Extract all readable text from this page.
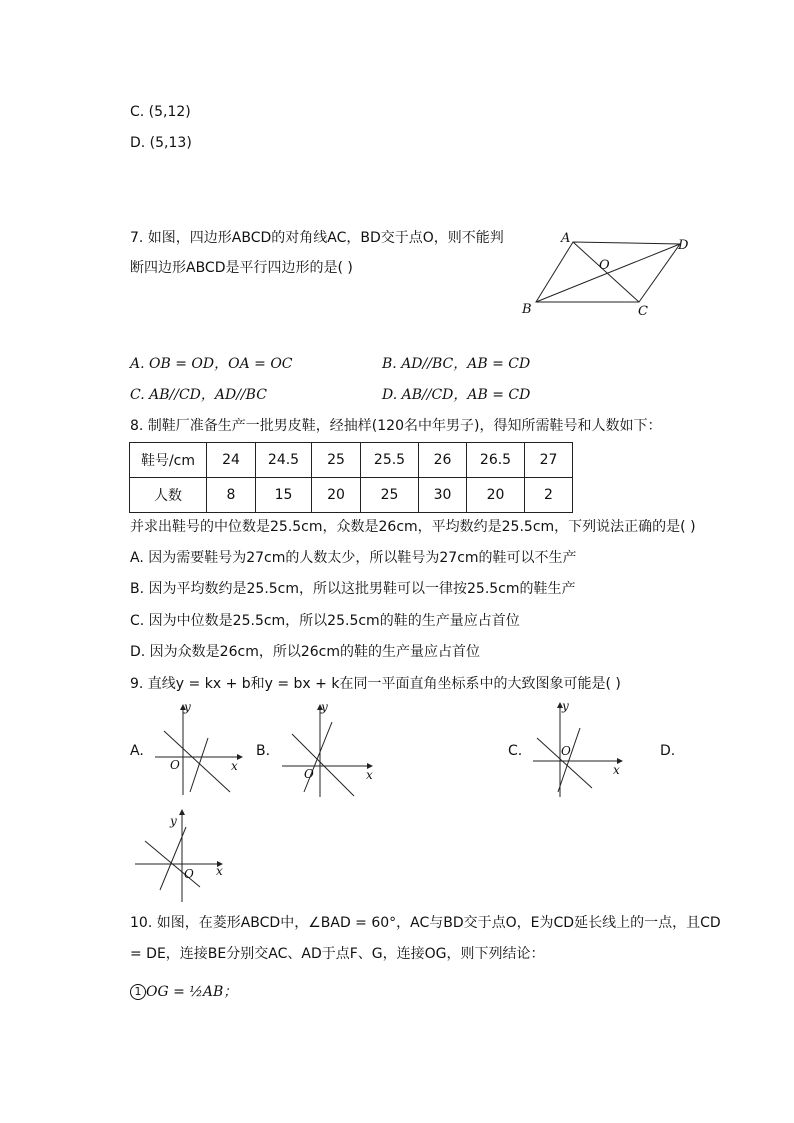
C. (5,12)
D. (5,13)
7. 如图，四边形ABCD的对角线AC，BD交于点O，则不能判
断四边形ABCD是平行四边形的是( )
A	D
O
B	C
A. OB = OD，OA = OC	B. AD//BC，AB = CD
C. AB//CD，AD//BC	D. AB//CD，AB = CD
8. 制鞋厂准备生产一批男皮鞋，经抽样(120名中年男子)，得知所需鞋号和人数如下：
鞋号/cm	24	24.5	25	25.5	26	26.5	27
人数	8	15	20	25	30	20	2
并求出鞋号的中位数是25.5cm，众数是26cm，平均数约是25.5cm，下列说法正确的是( )
A. 因为需要鞋号为27cm的人数太少，所以鞋号为27cm的鞋可以不生产
B. 因为平均数约是25.5cm，所以这批男鞋可以一律按25.5cm的鞋生产
C. 因为中位数是25.5cm，所以25.5cm的鞋的生产量应占首位
D. 因为众数是26cm，所以26cm的鞋的生产量应占首位
9. 直线y = kx + b和y = bx + k在同一平面直角坐标系中的大致图象可能是( )
A.	B.	C.	D.
y
x
O
y
x
O
y
x
O
y
x
O
10. 如图，在菱形ABCD中，∠BAD = 60°，AC与BD交于点O，E为CD延长线上的一点，且CD
= DE，连接BE分别交AC、AD于点F、G，连接OG，则下列结论：
1 OG = ½AB；
